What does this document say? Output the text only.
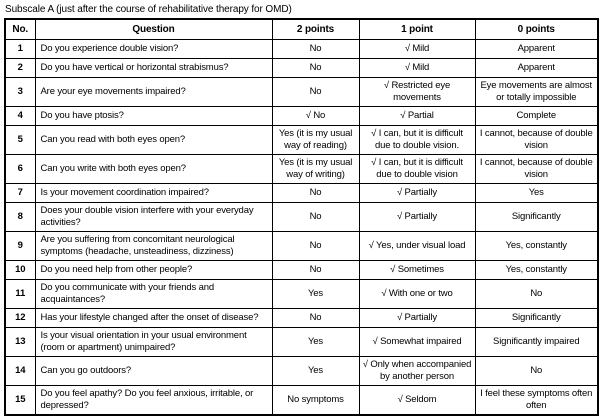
Subscale A (just after the course of rehabilitative therapy for OMD)
No.	Question	2 points	1 point	0 points
1	Do you experience double vision?	No	√ Mild	Apparent
2	Do you have vertical or horizontal strabismus?	No	√ Mild	Apparent
3	Are your eye movements impaired?	No	√ Restricted eye movements	Eye movements are almost or totally impossible
4	Do you have ptosis?	√ No	√ Partial	Complete
5	Can you read with both eyes open?	Yes (it is my usual way of reading)	√ I can, but it is difficult due to double vision.	I cannot, because of double vision
6	Can you write with both eyes open?	Yes (it is my usual way of writing)	√ I can, but it is difficult due to double vision	I cannot, because of double vision
7	Is your movement coordination impaired?	No	√ Partially	Yes
8	Does your double vision interfere with your everyday activities?	No	√ Partially	Significantly
9	Are you suffering from concomitant neurological symptoms (headache, unsteadiness, dizziness)	No	√ Yes, under visual load	Yes, constantly
10	Do you need help from other people?	No	√ Sometimes	Yes, constantly
11	Do you communicate with your friends and acquaintances?	Yes	√ With one or two	No
12	Has your lifestyle changed after the onset of disease?	No	√ Partially	Significantly
13	Is your visual orientation in your usual environment (room or apartment) unimpaired?	Yes	√ Somewhat impaired	Significantly impaired
14	Can you go outdoors?	Yes	√ Only when accompanied by another person	No
15	Do you feel apathy? Do you feel anxious, irritable, or depressed?	No symptoms	√ Seldom	I feel these symptoms often often
